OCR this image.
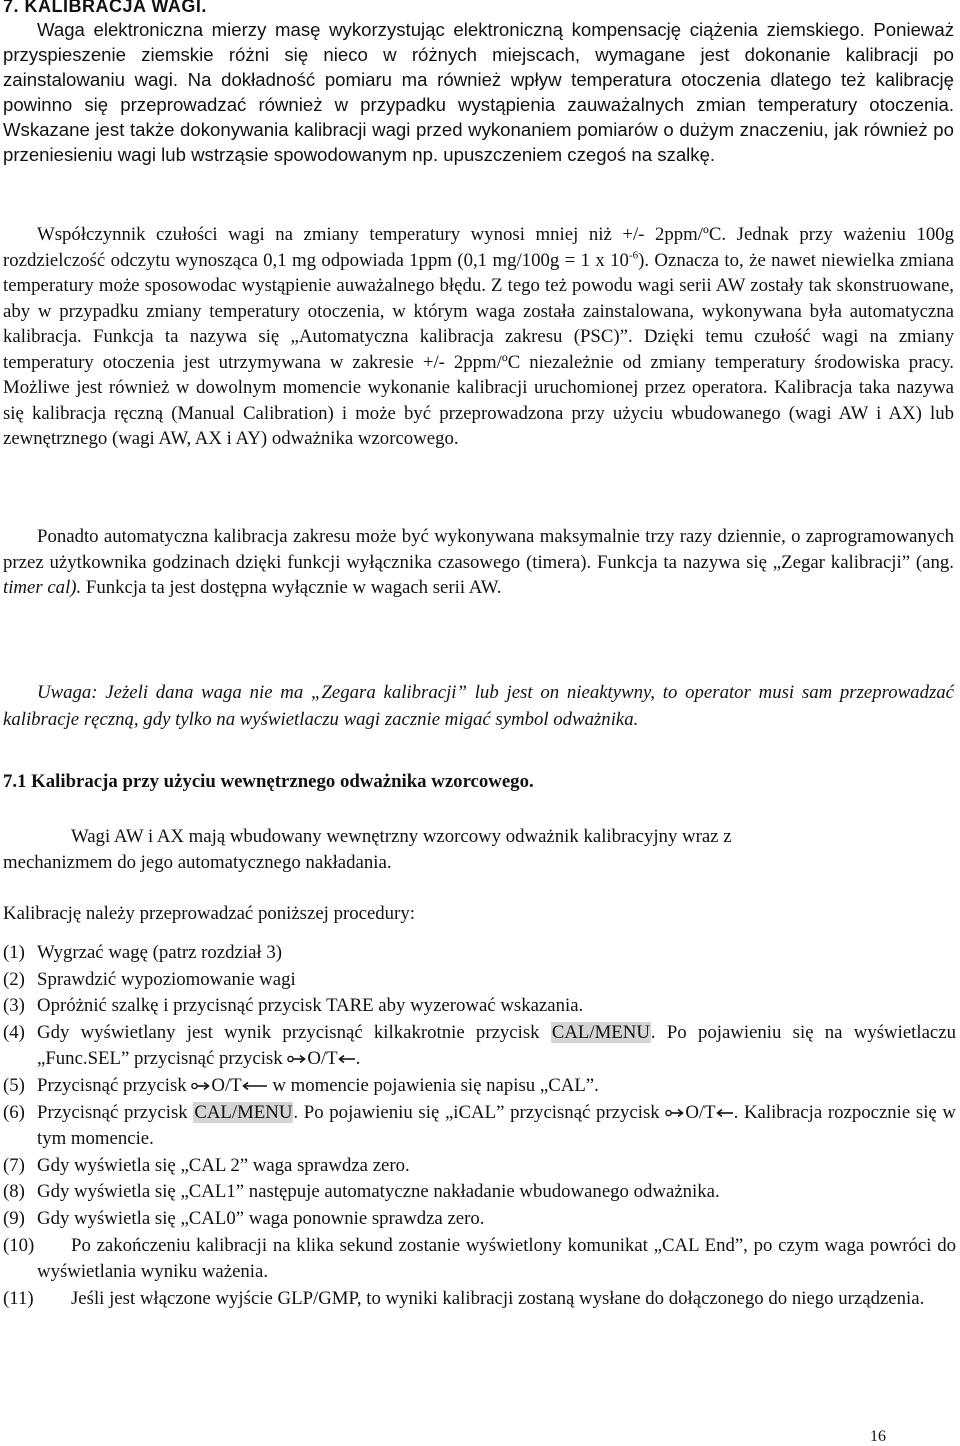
7. KALIBRACJA WAGI.

Waga elektroniczna mierzy masę wykorzystując elektroniczną kompensację ciążenia ziemskiego. Ponieważ przyspieszenie ziemskie różni się nieco w różnych miejscach, wymagane jest dokonanie kalibracji po zainstalowaniu wagi. Na dokładność pomiaru ma również wpływ temperatura otoczenia dlatego też kalibrację powinno się przeprowadzać również w przypadku wystąpienia zauważalnych zmian temperatury otoczenia. Wskazane jest także dokonywania kalibracji wagi przed wykonaniem pomiarów o dużym znaczeniu, jak również po przeniesieniu wagi lub wstrząsie spowodowanym np. upuszczeniem czegoś na szalkę.

Współczynnik czułości wagi na zmiany temperatury wynosi mniej niż +/- 2ppm/ºC. Jednak przy ważeniu 100g rozdzielczość odczytu wynosząca 0,1 mg odpowiada 1ppm (0,1 mg/100g = 1 x $10^{-6}$). Oznacza to, że nawet niewielka zmiana temperatury może sposowodac wystąpienie auważalnego błędu. Z tego też powodu wagi serii AW zostały tak skonstruowane, aby w przypadku zmiany temperatury otoczenia, w którym waga została zainstalowana, wykonywana była automatyczna kalibracja. Funkcja ta nazywa się „Automatyczna kalibracja zakresu (PSC)”. Dzięki temu czułość wagi na zmiany temperatury otoczenia jest utrzymywana w zakresie +/- 2ppm/ºC niezależnie od zmiany temperatury środowiska pracy. Możliwe jest również w dowolnym momencie wykonanie kalibracji uruchomionej przez operatora. Kalibracja taka nazywa się kalibracja ręczną (Manual Calibration) i może być przeprowadzona przy użyciu wbudowanego (wagi AW i AX) lub zewnętrznego (wagi AW, AX i AY) odważnika wzorcowego.

Ponadto automatyczna kalibracja zakresu może być wykonywana maksymalnie trzy razy dziennie, o zaprogramowanych przez użytkownika godzinach dzięki funkcji wyłącznika czasowego (timera). Funkcja ta nazywa się „Zegar kalibracji” (ang. timer cal). Funkcja ta jest dostępna wyłącznie w wagach serii AW.

Uwaga: Jeżeli dana waga nie ma „Zegara kalibracji” lub jest on nieaktywny, to operator musi sam przeprowadzać kalibracje ręczną, gdy tylko na wyświetlaczu wagi zacznie migać symbol odważnika.

7.1 Kalibracja przy użyciu wewnętrznego odważnika wzorcowego.
Wagi AW i AX mają wbudowany wewnętrzny wzorcowy odważnik kalibracyjny wraz z
mechanizmem do jego automatycznego nakładania.
Kalibrację należy przeprowadzać poniższej procedury:
(1) Wygrzać wagę (patrz rozdział 3)
(2) Sprawdzić wypoziomowanie wagi
(3) Opróżnić szalkę i przycisnąć przycisk TARE aby wyzerować wskazania.
(4) Gdy wyświetlany jest wynik przycisnąć kilkakrotnie przycisk CAL/MENU. Po pojawieniu się na wyświetlaczu „Func.SEL” przycisnąć przycisk O/T .
(5) Przycisnąć przycisk O/T w momencie pojawienia się napisu „CAL”.
(6) Przycisnąć przycisk CAL/MENU. Po pojawieniu się „iCAL” przycisnąć przycisk O/T . Kalibracja rozpocznie się w tym momencie.
(7) Gdy wyświetla się „CAL 2” waga sprawdza zero.
(8) Gdy wyświetla się „CAL1” następuje automatyczne nakładanie wbudowanego odważnika.
(9) Gdy wyświetla się „CAL0” waga ponownie sprawdza zero.
(10) Po zakończeniu kalibracji na klika sekund zostanie wyświetlony komunikat „CAL End”, po czym waga powróci do wyświetlania wyniku ważenia.
(11) Jeśli jest włączone wyjście GLP/GMP, to wyniki kalibracji zostaną wysłane do dołączonego do niego urządzenia.
16
